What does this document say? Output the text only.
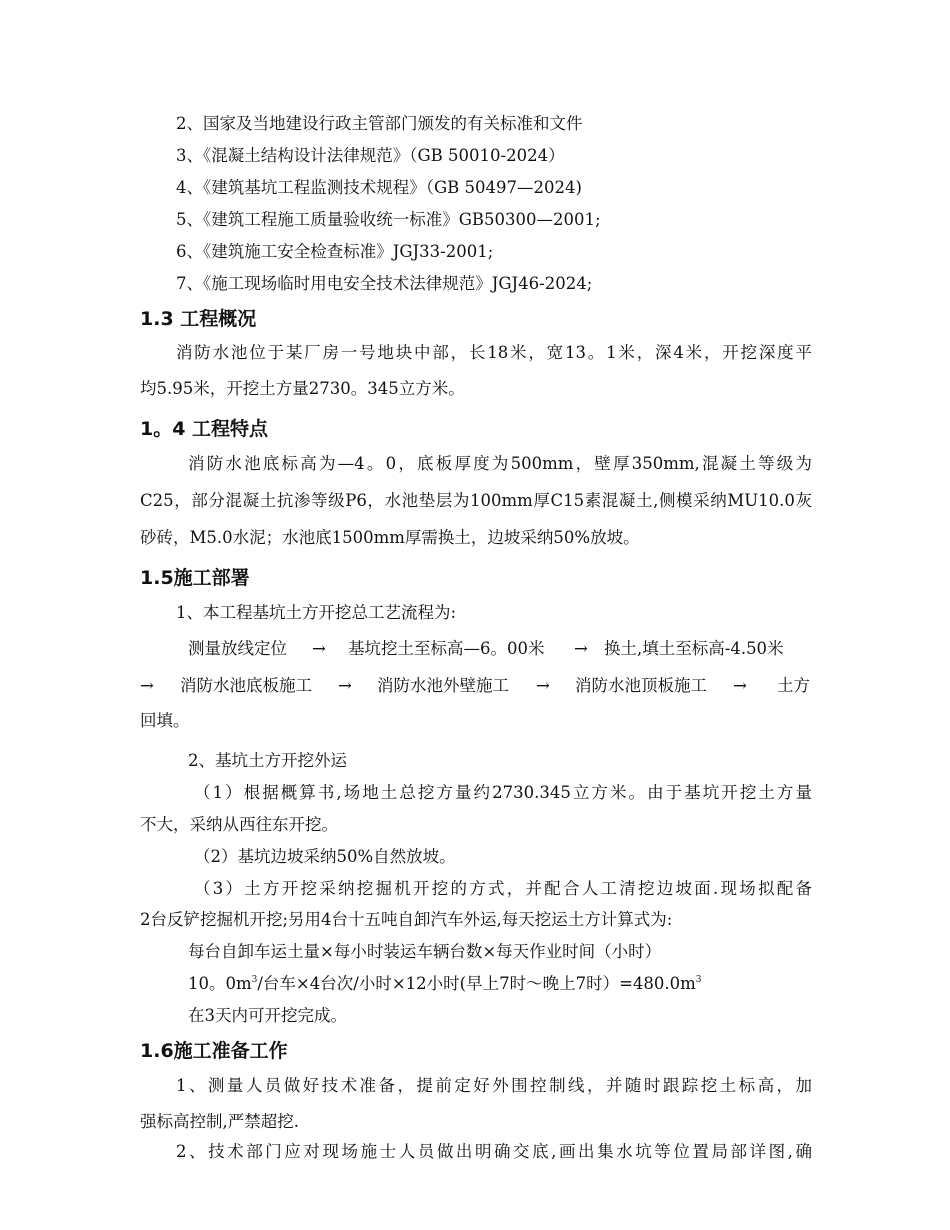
2、国家及当地建设行政主管部门颁发的有关标准和文件
3、《混凝土结构设计法律规范》（GB 50010-2024）
4、《建筑基坑工程监测技术规程》（GB 50497—2024)
5、《建筑工程施工质量验收统一标准》GB50300—2001;
6、《建筑施工安全检查标准》JGJ33-2001;
7、《施工现场临时用电安全技术法律规范》JGJ46-2024;
1.3 工程概况
消防水池位于某厂房一号地块中部，长18米，宽13。1米，深4米，开挖深度平
均5.95米，开挖土方量2730。345立方米。
1。4 工程特点
消防水池底标高为—4。0，底板厚度为500mm，壁厚350mm,混凝土等级为
C25，部分混凝土抗渗等级P6，水池垫层为100mm厚C15素混凝土,侧模采纳MU10.0灰
砂砖，M5.0水泥；水池底1500mm厚需换土，边坡采纳50%放坡。
1.5施工部署
1、本工程基坑土方开挖总工艺流程为:
测量放线定位 → 基坑挖土至标高—6。00米 → 换土,填土至标高-4.50米
→ 消防水池底板施工 → 消防水池外壁施工 → 消防水池顶板施工 → 土方
回填。
2、基坑土方开挖外运
（1）根据概算书,场地土总挖方量约2730.345立方米。由于基坑开挖土方量
不大，采纳从西往东开挖。
（2）基坑边坡采纳50%自然放坡。
（3）土方开挖采纳挖掘机开挖的方式，并配合人工清挖边坡面.现场拟配备
2台反铲挖掘机开挖;另用4台十五吨自卸汽车外运,每天挖运土方计算式为:
每台自卸车运土量×每小时装运车辆台数×每天作业时间（小时）
10。$0m^3/$台车×4台次/小时×12小时(早上7时～晚上7时）$=480.0m^3$
在3天内可开挖完成。
1.6施工准备工作
1、测量人员做好技术准备，提前定好外围控制线，并随时跟踪挖土标高，加
强标高控制,严禁超挖.
2、技术部门应对现场施士人员做出明确交底,画出集水坑等位置局部详图,确
